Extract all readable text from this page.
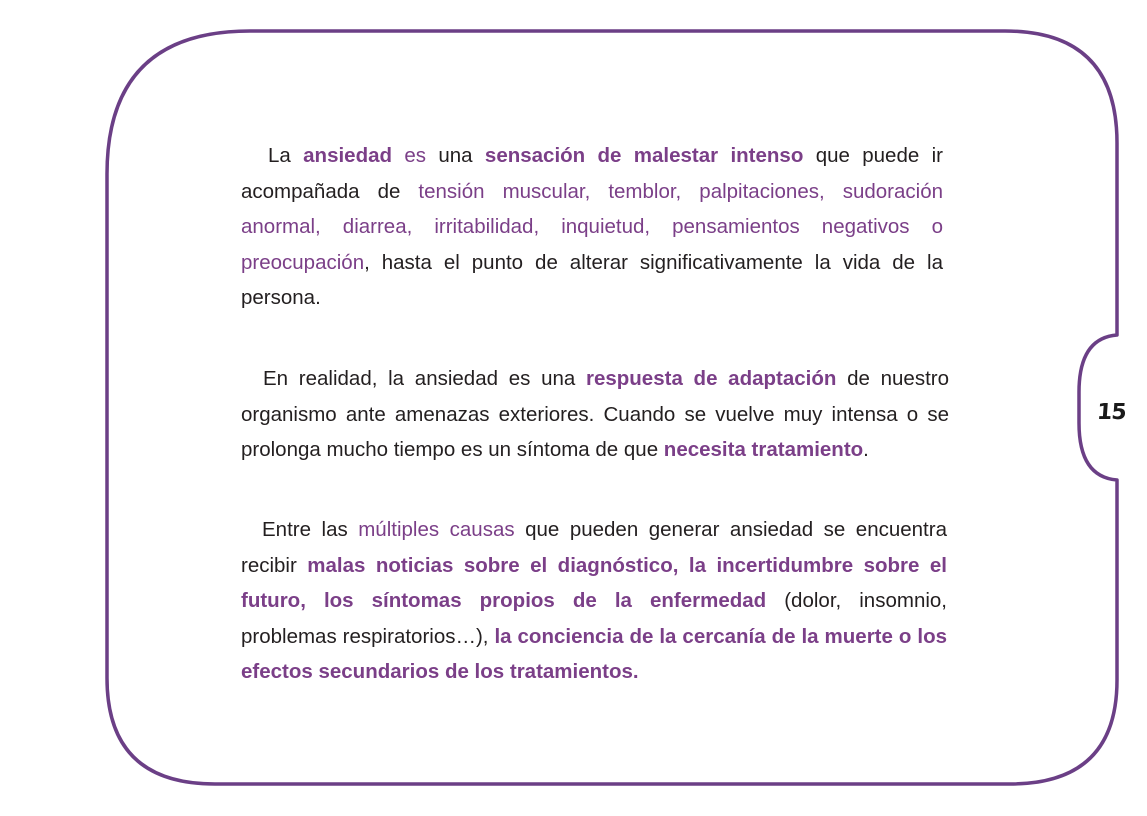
15

La ansiedad es una sensación de malestar intenso que puede ir acompañada de tensión muscular, temblor, palpitaciones, sudoración anormal, diarrea, irritabilidad, inquietud, pensamientos negativos o preocupación, hasta el punto de alterar significativamente la vida de la persona.

En realidad, la ansiedad es una respuesta de adaptación de nuestro organismo ante amenazas exteriores. Cuando se vuelve muy intensa o se prolonga mucho tiempo es un síntoma de que necesita tratamiento.

Entre las múltiples causas que pueden generar ansiedad se encuentra recibir malas noticias sobre el diagnóstico, la incertidumbre sobre el futuro, los síntomas propios de la enfermedad (dolor, insomnio, problemas respiratorios…), la conciencia de la cercanía de la muerte o los efectos secundarios de los tratamientos.
